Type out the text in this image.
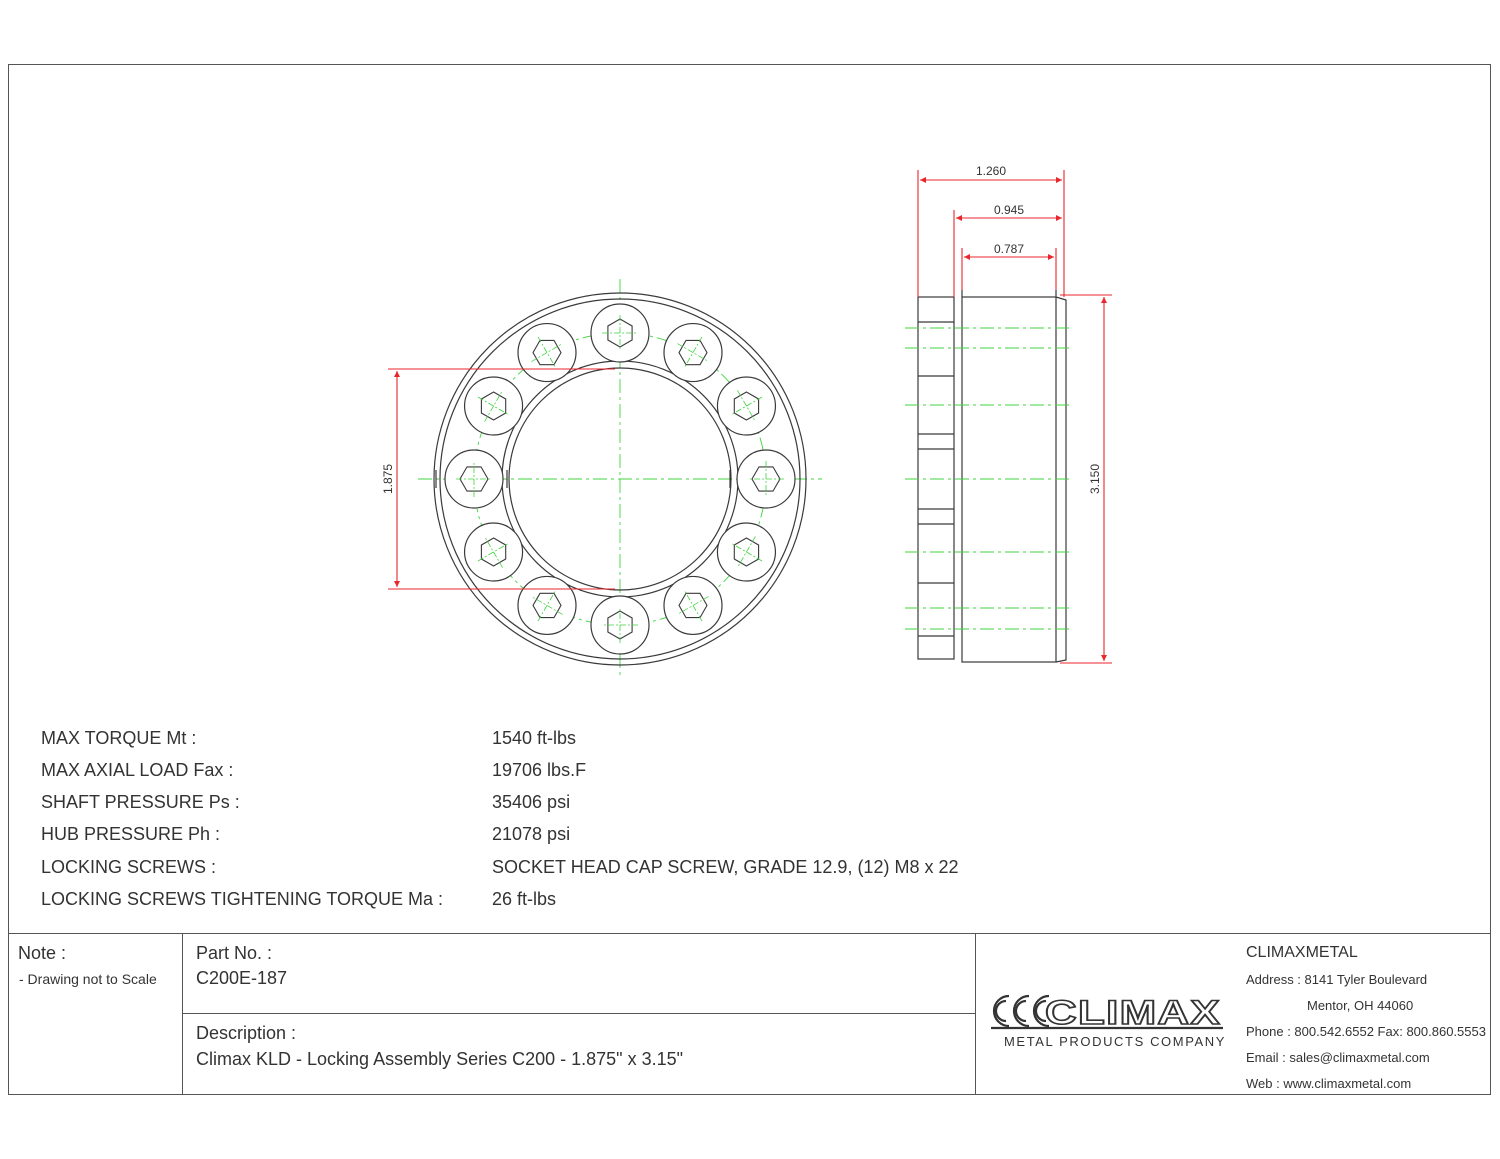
1.875
1.260
0.945
0.787
3.150
MAX TORQUE Mt :	1540 ft-lbs
MAX AXIAL LOAD Fax :	19706 lbs.F
SHAFT PRESSURE Ps :	35406 psi
HUB PRESSURE Ph :	21078 psi
LOCKING SCREWS :	SOCKET HEAD CAP SCREW, GRADE 12.9, (12) M8 x 22
LOCKING SCREWS TIGHTENING TORQUE Ma :	26 ft-lbs
Note :
- Drawing not to Scale
Part No. :
C200E-187
Description :
Climax KLD - Locking Assembly Series C200 - 1.875" x 3.15"
CLIMAX
METAL PRODUCTS COMPANY
CLIMAXMETAL
Address : 8141 Tyler Boulevard
Mentor, OH 44060
Phone : 800.542.6552 Fax: 800.860.5553
Email : sales@climaxmetal.com
Web : www.climaxmetal.com
